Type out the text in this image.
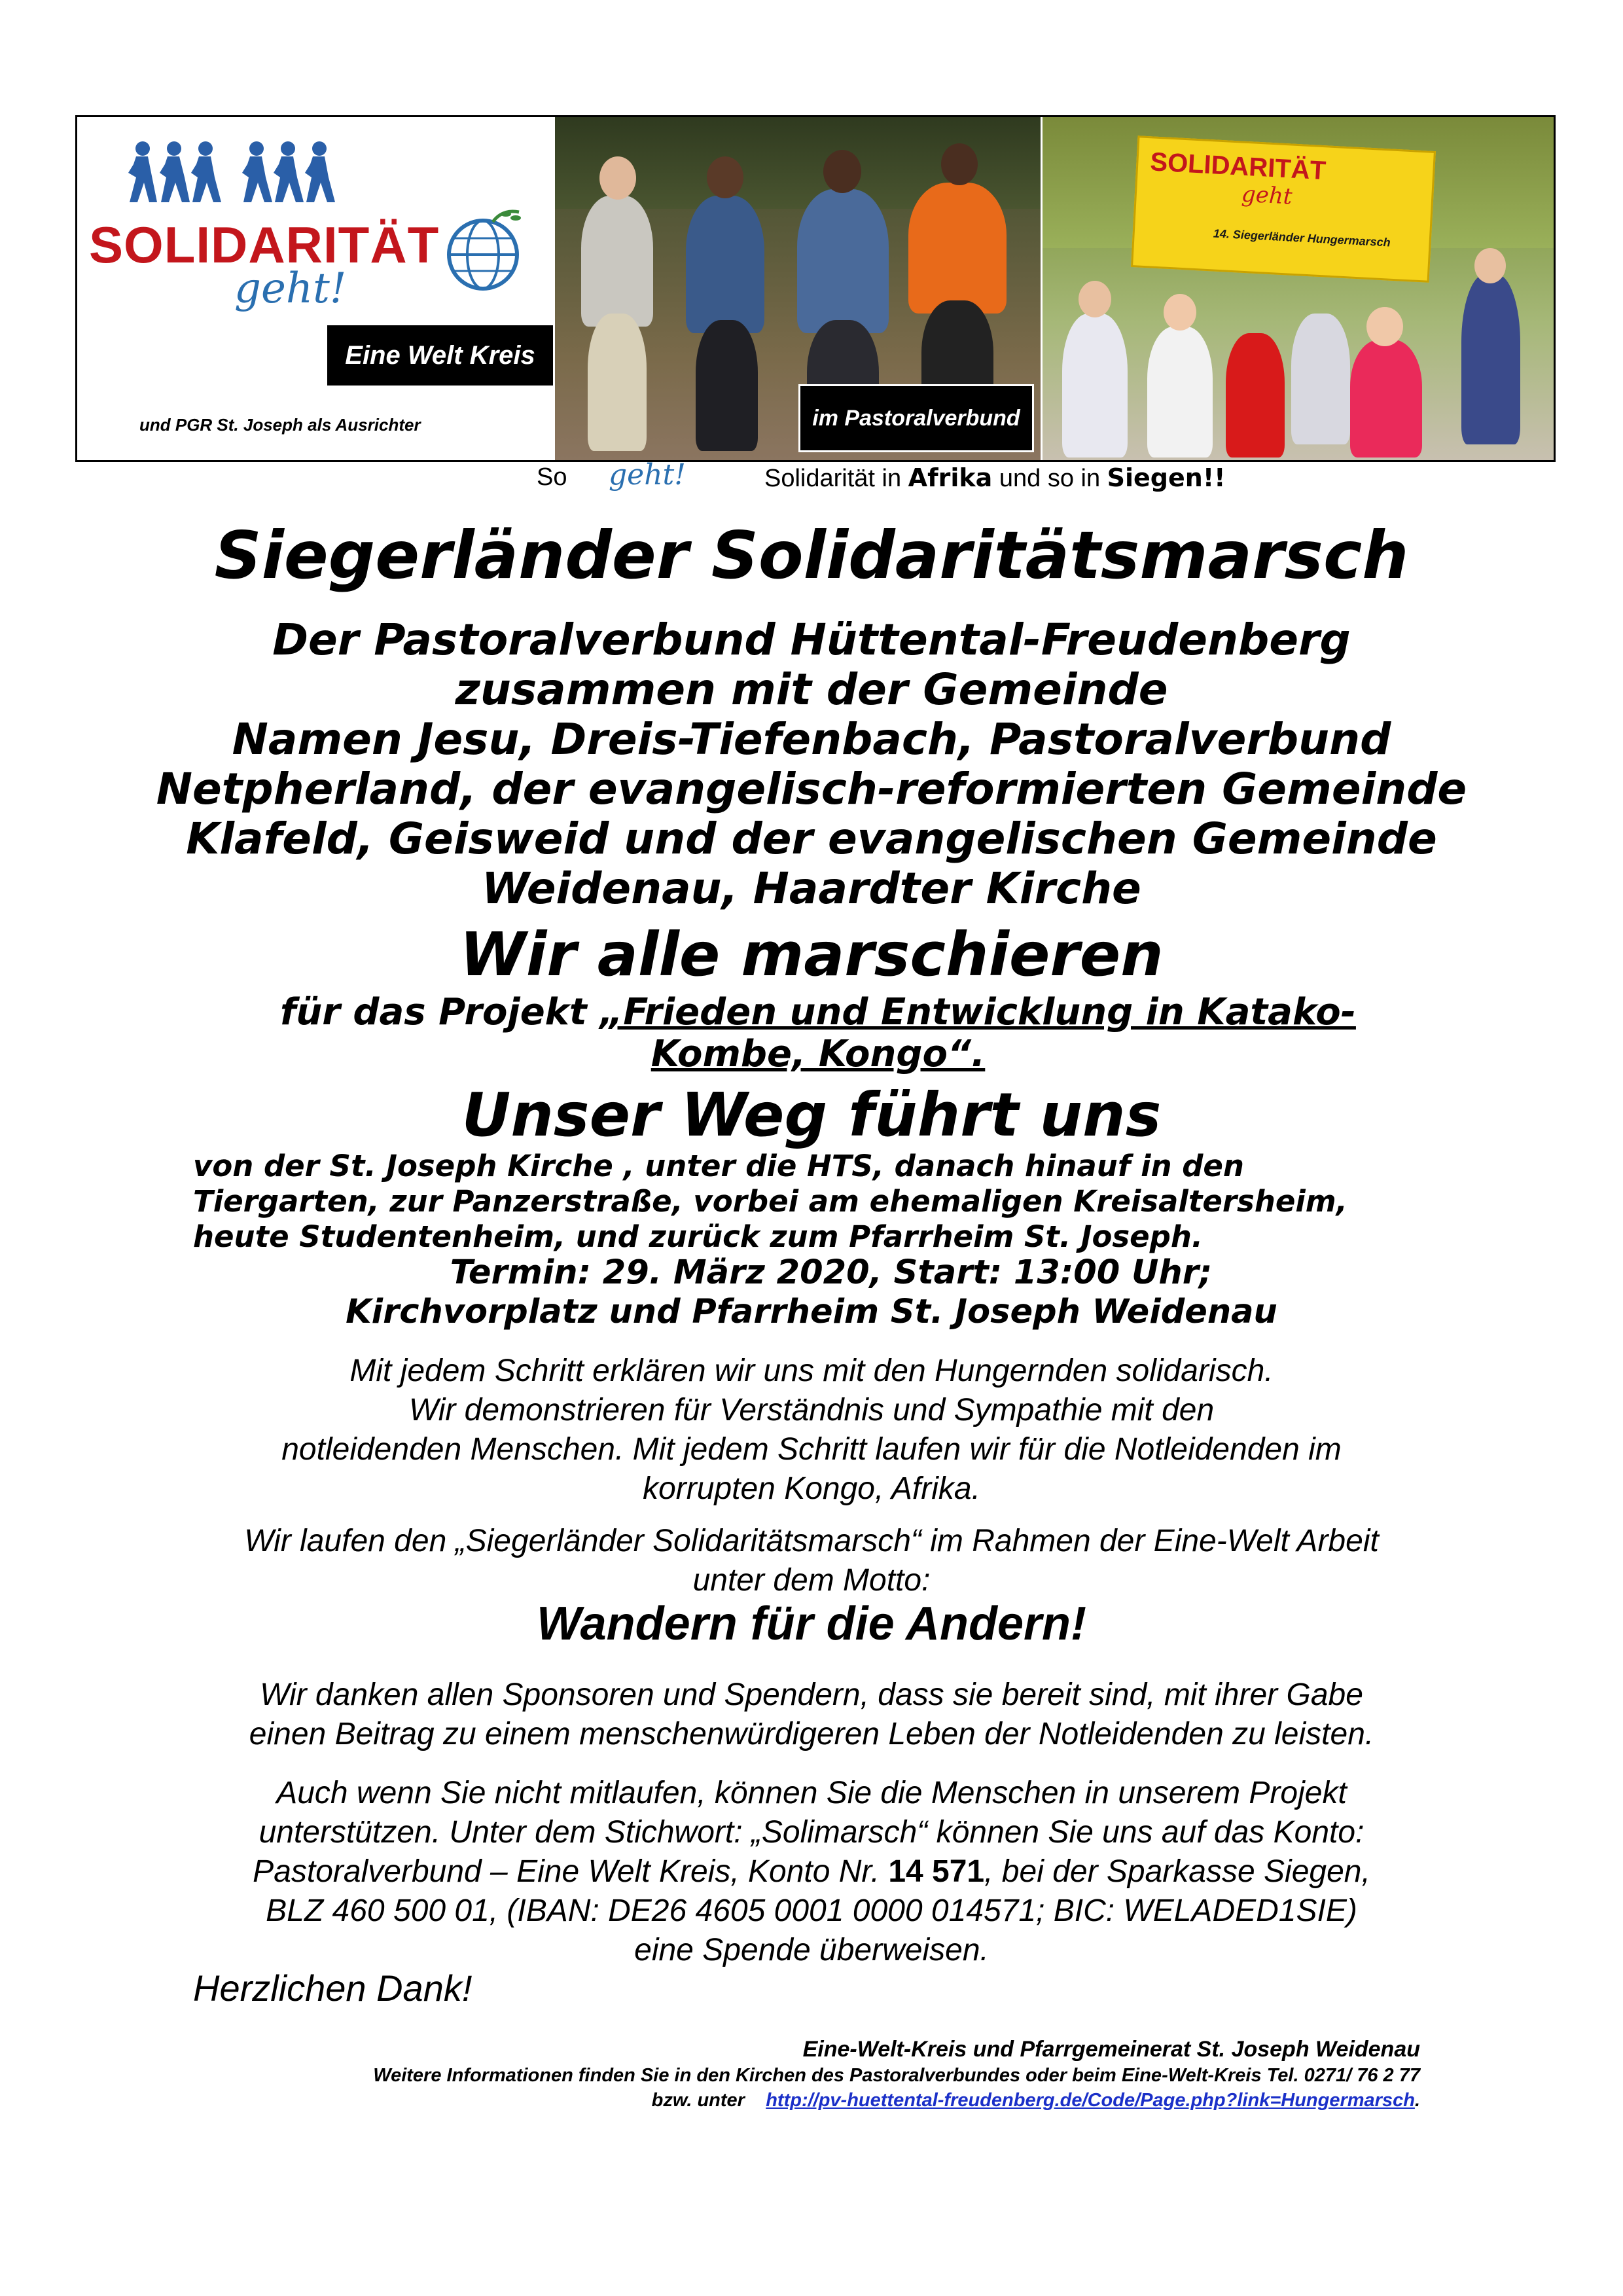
SOLIDARITÄT
geht!
Eine Welt Kreis
und PGR St. Joseph als Ausrichter	im Pastoralverbund
SOLIDARITÄT
geht
14. Siegerländer Hungermarsch
So geht!	Solidarität in Afrika und so in Siegen!!
Siegerländer Solidaritätsmarsch
Der Pastoralverbund Hüttental-Freudenberg
zusammen mit der Gemeinde
Namen Jesu, Dreis-Tiefenbach, Pastoralverbund
Netpherland, der evangelisch-reformierten Gemeinde
Klafeld, Geisweid und der evangelischen Gemeinde
Weidenau, Haardter Kirche
Wir alle marschieren
für das Projekt „Frieden und Entwicklung in Katako-
Kombe, Kongo“.
Unser Weg führt uns
von der St. Joseph Kirche , unter die HTS, danach hinauf in den
Tiergarten, zur Panzerstraße, vorbei am ehemaligen Kreisaltersheim,
heute Studentenheim, und zurück zum Pfarrheim St. Joseph.
Termin: 29. März 2020, Start: 13:00 Uhr;
Kirchvorplatz und Pfarrheim St. Joseph Weidenau
Mit jedem Schritt erklären wir uns mit den Hungernden solidarisch.
Wir demonstrieren für Verständnis und Sympathie mit den
notleidenden Menschen. Mit jedem Schritt laufen wir für die Notleidenden im
korrupten Kongo, Afrika.
Wir laufen den „Siegerländer Solidaritätsmarsch“ im Rahmen der Eine-Welt Arbeit
unter dem Motto:
Wandern für die Andern!
Wir danken allen Sponsoren und Spendern, dass sie bereit sind, mit ihrer Gabe
einen Beitrag zu einem menschenwürdigeren Leben der Notleidenden zu leisten.
Auch wenn Sie nicht mitlaufen, können Sie die Menschen in unserem Projekt
unterstützen. Unter dem Stichwort: „Solimarsch“ können Sie uns auf das Konto:
Pastoralverbund – Eine Welt Kreis, Konto Nr. 14 571, bei der Sparkasse Siegen,
BLZ 460 500 01, (IBAN: DE26 4605 0001 0000 014571; BIC: WELADED1SIE)
eine Spende überweisen.
Herzlichen Dank!
Eine-Welt-Kreis und Pfarrgemeinerat St. Joseph Weidenau
Weitere Informationen finden Sie in den Kirchen des Pastoralverbundes oder beim Eine-Welt-Kreis Tel. 0271/ 76 2 77
bzw. unter    http://pv-huettental-freudenberg.de/Code/Page.php?link=Hungermarsch.
